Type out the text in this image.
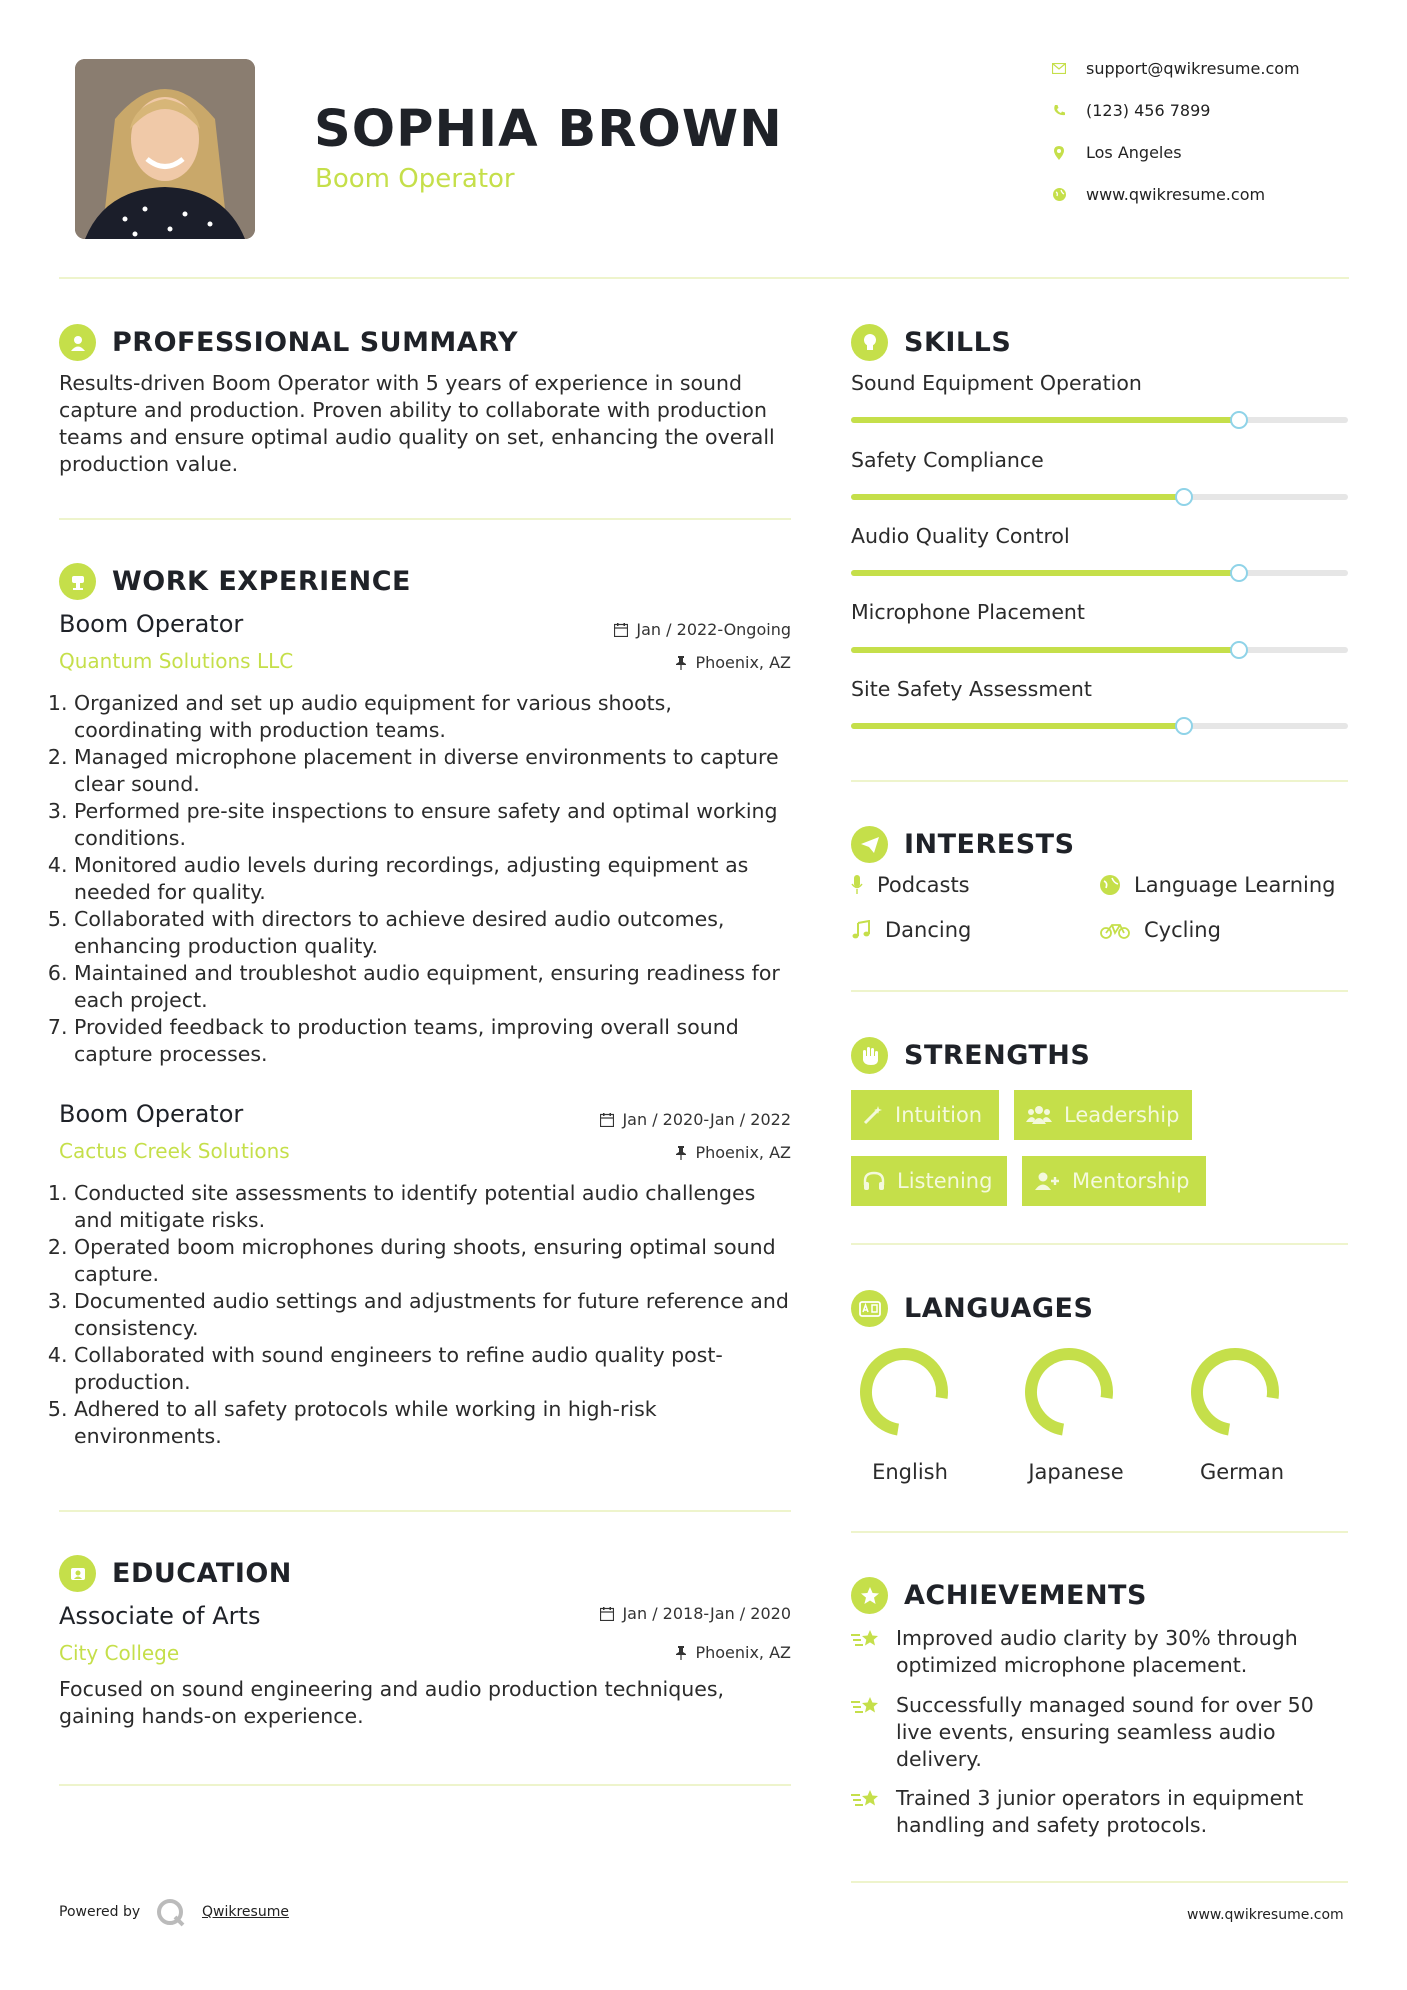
SOPHIA BROWN
Boom Operator
support@qwikresume.com
(123) 456 7899
Los Angeles
www.qwikresume.com
PROFESSIONAL SUMMARY
Results-driven Boom Operator with 5 years of experience in sound capture and production. Proven ability to collaborate with production teams and ensure optimal audio quality on set, enhancing the overall production value.
WORK EXPERIENCE
Boom Operator	Jan / 2022-Ongoing
Quantum Solutions LLC	Phoenix, AZ
1. Organized and set up audio equipment for various shoots, coordinating with production teams.
2. Managed microphone placement in diverse environments to capture clear sound.
3. Performed pre-site inspections to ensure safety and optimal working conditions.
4. Monitored audio levels during recordings, adjusting equipment as needed for quality.
5. Collaborated with directors to achieve desired audio outcomes, enhancing production quality.
6. Maintained and troubleshot audio equipment, ensuring readiness for each project.
7. Provided feedback to production teams, improving overall sound capture processes.
Boom Operator	Jan / 2020-Jan / 2022
Cactus Creek Solutions	Phoenix, AZ
1. Conducted site assessments to identify potential audio challenges and mitigate risks.
2. Operated boom microphones during shoots, ensuring optimal sound capture.
3. Documented audio settings and adjustments for future reference and consistency.
4. Collaborated with sound engineers to refine audio quality post-production.
5. Adhered to all safety protocols while working in high-risk environments.
EDUCATION
Associate of Arts	Jan / 2018-Jan / 2020
City College	Phoenix, AZ
Focused on sound engineering and audio production techniques, gaining hands-on experience.
SKILLS
Sound Equipment Operation
Safety Compliance
Audio Quality Control
Microphone Placement
Site Safety Assessment
INTERESTS
Podcasts	Language Learning
Dancing	Cycling
STRENGTHS
Intuition	Leadership
Listening	Mentorship
LANGUAGES
English	Japanese	German
ACHIEVEMENTS
Improved audio clarity by 30% through optimized microphone placement.
Successfully managed sound for over 50 live events, ensuring seamless audio delivery.
Trained 3 junior operators in equipment handling and safety protocols.
Powered by	Qwikresume	www.qwikresume.com
